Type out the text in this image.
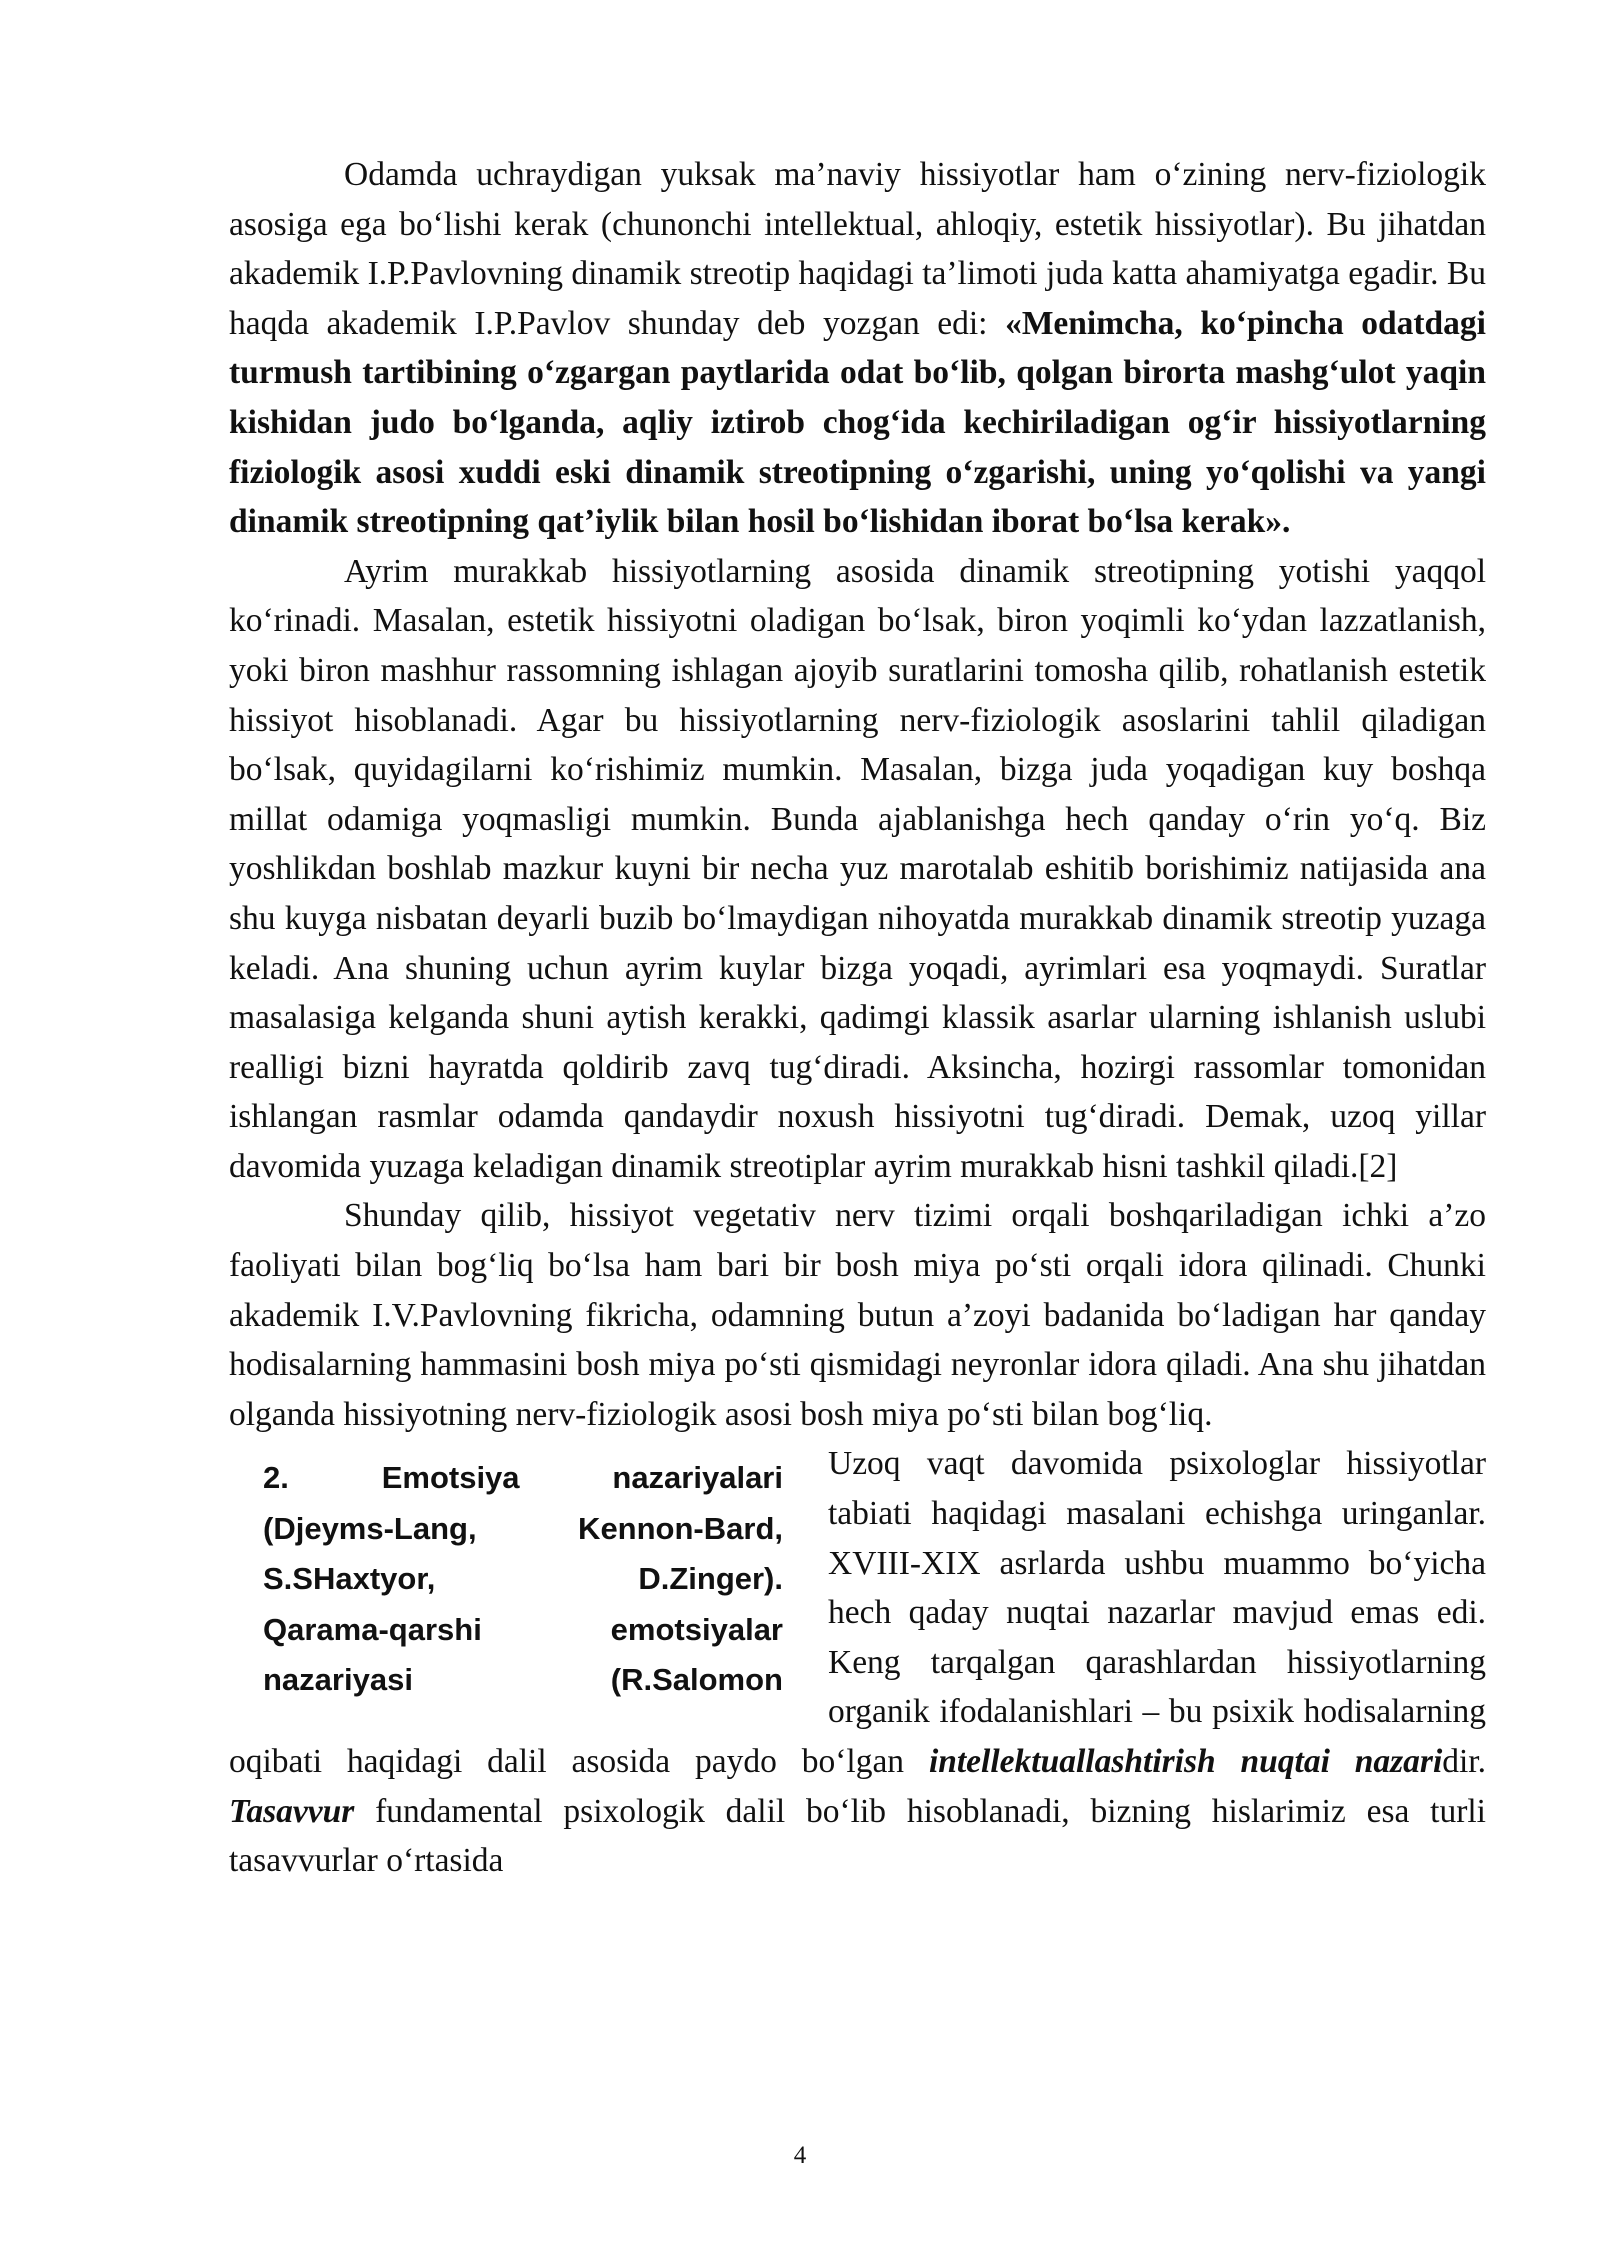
Odamda uchraydigan yuksak ma’naviy hissiyotlar ham o‘zining nerv-fiziologik asosiga ega bo‘lishi kerak (chunonchi intellektual, ahloqiy, estetik hissiyotlar). Bu jihatdan akademik I.P.Pavlovning dinamik streotip haqidagi ta’limoti juda katta ahamiyatga egadir. Bu haqda akademik I.P.Pavlov shunday deb yozgan edi: «Menimcha, ko‘pincha odatdagi turmush tartibining o‘zgargan paytlarida odat bo‘lib, qolgan birorta mashg‘ulot yaqin kishidan judo bo‘lganda, aqliy iztirob chog‘ida kechiriladigan og‘ir hissiyotlarning fiziologik asosi xuddi eski dinamik streotipning o‘zgarishi, uning yo‘qolishi va yangi dinamik streotipning qat’iylik bilan hosil bo‘lishidan iborat bo‘lsa kerak».

Ayrim murakkab hissiyotlarning asosida dinamik streotipning yotishi yaqqol ko‘rinadi. Masalan, estetik hissiyotni oladigan bo‘lsak, biron yoqimli ko‘ydan lazzatlanish, yoki biron mashhur rassomning ishlagan ajoyib suratlarini tomosha qilib, rohatlanish estetik hissiyot hisoblanadi. Agar bu hissiyotlarning nerv-fiziologik asoslarini tahlil qiladigan bo‘lsak, quyidagilarni ko‘rishimiz mumkin. Masalan, bizga juda yoqadigan kuy boshqa millat odamiga yoqmasligi mumkin. Bunda ajablanishga hech qanday o‘rin yo‘q. Biz yoshlikdan boshlab mazkur kuyni bir necha yuz marotalab eshitib borishimiz natijasida ana shu kuyga nisbatan deyarli buzib bo‘lmaydigan nihoyatda murakkab dinamik streotip yuzaga keladi. Ana shuning uchun ayrim kuylar bizga yoqadi, ayrimlari esa yoqmaydi. Suratlar masalasiga kelganda shuni aytish kerakki, qadimgi klassik asarlar ularning ishlanish uslubi realligi bizni hayratda qoldirib zavq tug‘diradi. Aksincha, hozirgi rassomlar tomonidan ishlangan rasmlar odamda qandaydir noxush hissiyotni tug‘diradi. Demak, uzoq yillar davomida yuzaga keladigan dinamik streotiplar ayrim murakkab hisni tashkil qiladi.[2]

Shunday qilib, hissiyot vegetativ nerv tizimi orqali boshqariladigan ichki a’zo faoliyati bilan bog‘liq bo‘lsa ham bari bir bosh miya po‘sti orqali idora qilinadi. Chunki akademik I.V.Pavlovning fikricha, odamning butun a’zoyi badanida bo‘ladigan har qanday hodisalarning hammasini bosh miya po‘sti qismidagi neyronlar idora qiladi. Ana shu jihatdan olganda hissiyotning nerv-fiziologik asosi bosh miya po‘sti bilan bog‘liq.

2. Emotsiya nazariyalari
(Djeyms-Lang, Kennon-Bard,
S.SHaxtyor, D.Zinger).
Qarama-qarshi emotsiyalar
nazariyasi (R.Salomon

Uzoq vaqt davomida psixologlar hissiyotlar tabiati haqidagi masalani echishga uringanlar. XVIII-XIX asrlarda ushbu muammo bo‘yicha hech qaday nuqtai nazarlar mavjud emas edi. Keng tarqalgan qarashlardan hissiyotlarning organik ifodalanishlari – bu psixik hodisalarning oqibati haqidagi dalil asosida paydo bo‘lgan intellektuallashtirish nuqtai nazaridir. Tasavvur fundamental psixologik dalil bo‘lib hisoblanadi, bizning hislarimiz esa turli tasavvurlar o‘rtasida

4
